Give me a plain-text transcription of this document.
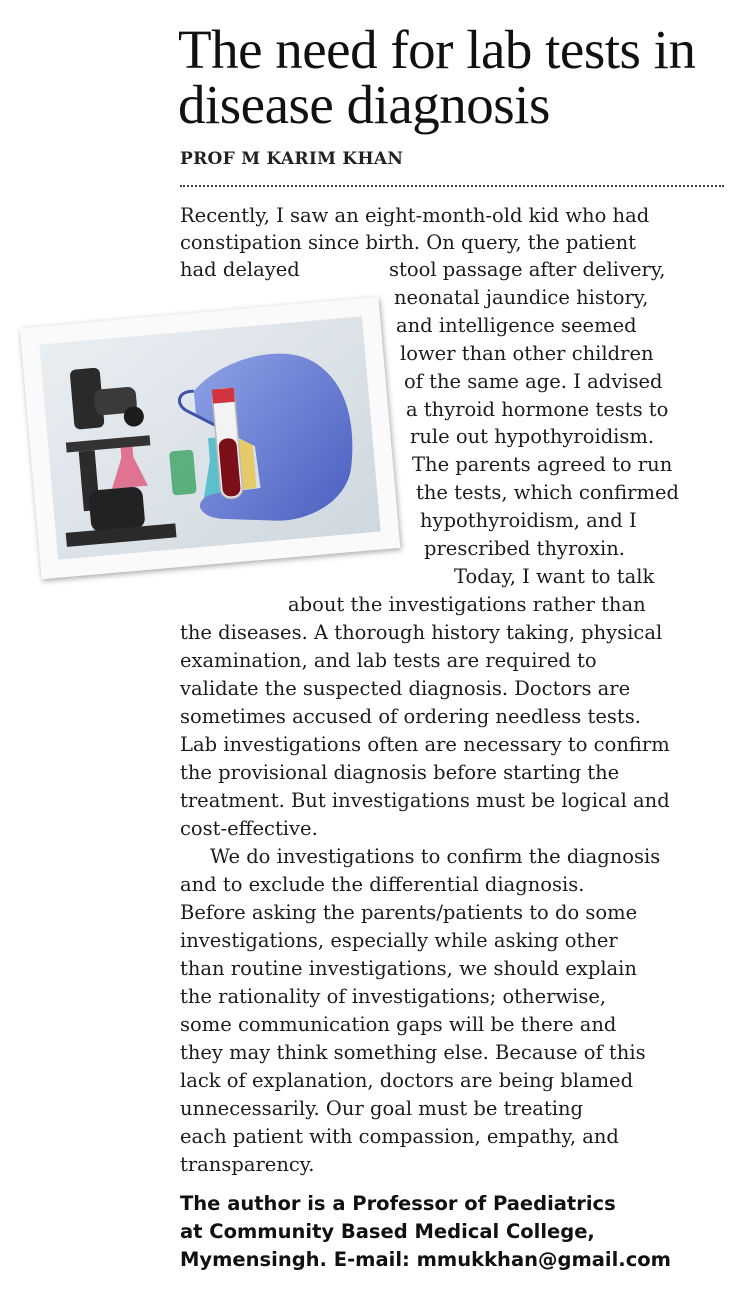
The need for lab tests in disease diagnosis
PROF M KARIM KHAN
Recently, I saw an eight-month-old kid who had
constipation since birth. On query, the patient
had delayed	stool passage after delivery,
neonatal jaundice history,
and intelligence seemed
lower than other children
of the same age. I advised
a thyroid hormone tests to
rule out hypothyroidism.
The parents agreed to run
the tests, which confirmed
hypothyroidism, and I
prescribed thyroxin.
Today, I want to talk
about the investigations rather than
the diseases. A thorough history taking, physical
examination, and lab tests are required to
validate the suspected diagnosis. Doctors are
sometimes accused of ordering needless tests.
Lab investigations often are necessary to confirm
the provisional diagnosis before starting the
treatment. But investigations must be logical and
cost-effective.
We do investigations to confirm the diagnosis
and to exclude the differential diagnosis.
Before asking the parents/patients to do some
investigations, especially while asking other
than routine investigations, we should explain
the rationality of investigations; otherwise,
some communication gaps will be there and
they may think something else. Because of this
lack of explanation, doctors are being blamed
unnecessarily. Our goal must be treating
each patient with compassion, empathy, and
transparency.
The author is a Professor of Paediatrics
at Community Based Medical College,
Mymensingh. E-mail: mmukkhan@gmail.com
